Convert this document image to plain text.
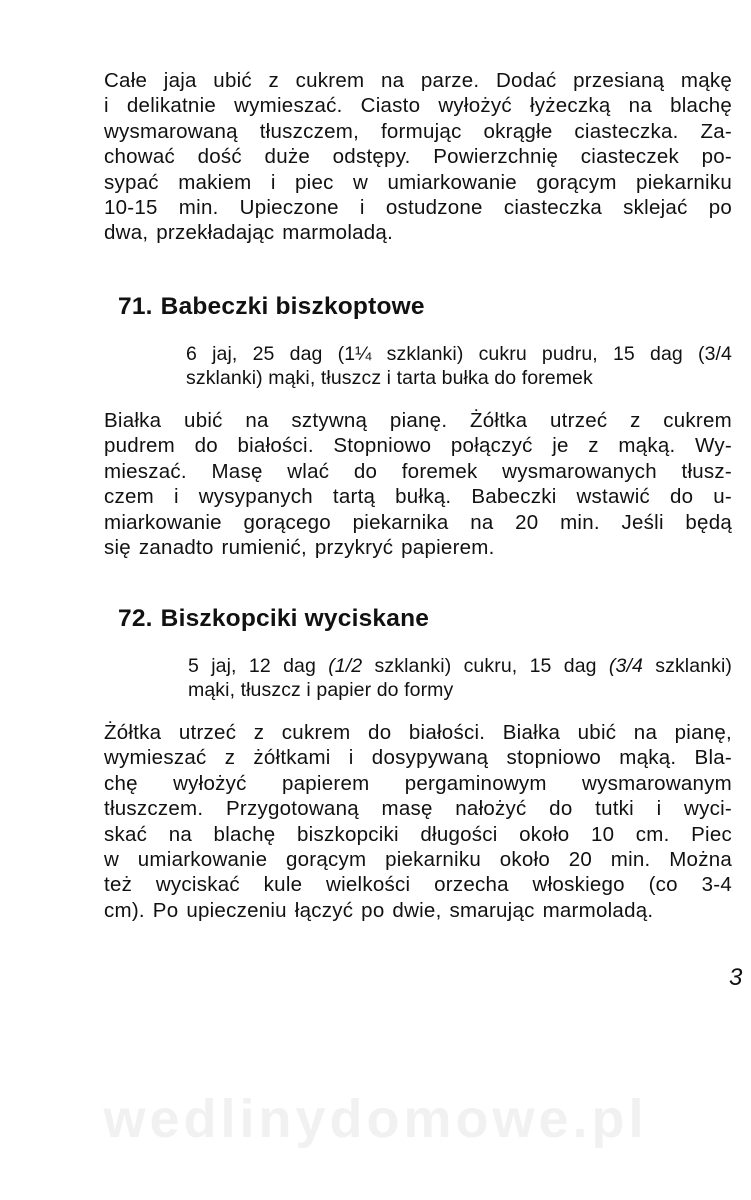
Całe jaja ubić z cukrem na parze. Dodać przesianą mąkę
i delikatnie wymieszać. Ciasto wyłożyć łyżeczką na blachę
wysmarowaną tłuszczem, formując okrągłe ciasteczka. Za-
chować dość duże odstępy. Powierzchnię ciasteczek po-
sypać makiem i piec w umiarkowanie gorącym piekarniku
10-15 min. Upieczone i ostudzone ciasteczka sklejać po
dwa, przekładając marmoladą.

71. Babeczki biszkoptowe
6 jaj, 25 dag (1¼ szklanki) cukru pudru, 15 dag (3/4
szklanki) mąki, tłuszcz i tarta bułka do foremek

Białka ubić na sztywną pianę. Żółtka utrzeć z cukrem
pudrem do białości. Stopniowo połączyć je z mąką. Wy-
mieszać. Masę wlać do foremek wysmarowanych tłusz-
czem i wysypanych tartą bułką. Babeczki wstawić do u-
miarkowanie gorącego piekarnika na 20 min. Jeśli będą
się zanadto rumienić, przykryć papierem.

72. Biszkopciki wyciskane
5 jaj, 12 dag (1/2 szklanki) cukru, 15 dag (3/4 szklanki)
mąki, tłuszcz i papier do formy

Żółtka utrzeć z cukrem do białości. Białka ubić na pianę,
wymieszać z żółtkami i dosypywaną stopniowo mąką. Bla-
chę wyłożyć papierem pergaminowym wysmarowanym
tłuszczem. Przygotowaną masę nałożyć do tutki i wyci-
skać na blachę biszkopciki długości około 10 cm. Piec
w umiarkowanie gorącym piekarniku około 20 min. Można
też wyciskać kule wielkości orzecha włoskiego (co 3-4
cm). Po upieczeniu łączyć po dwie, smarując marmoladą.

3
wedlinydomowe.pl
